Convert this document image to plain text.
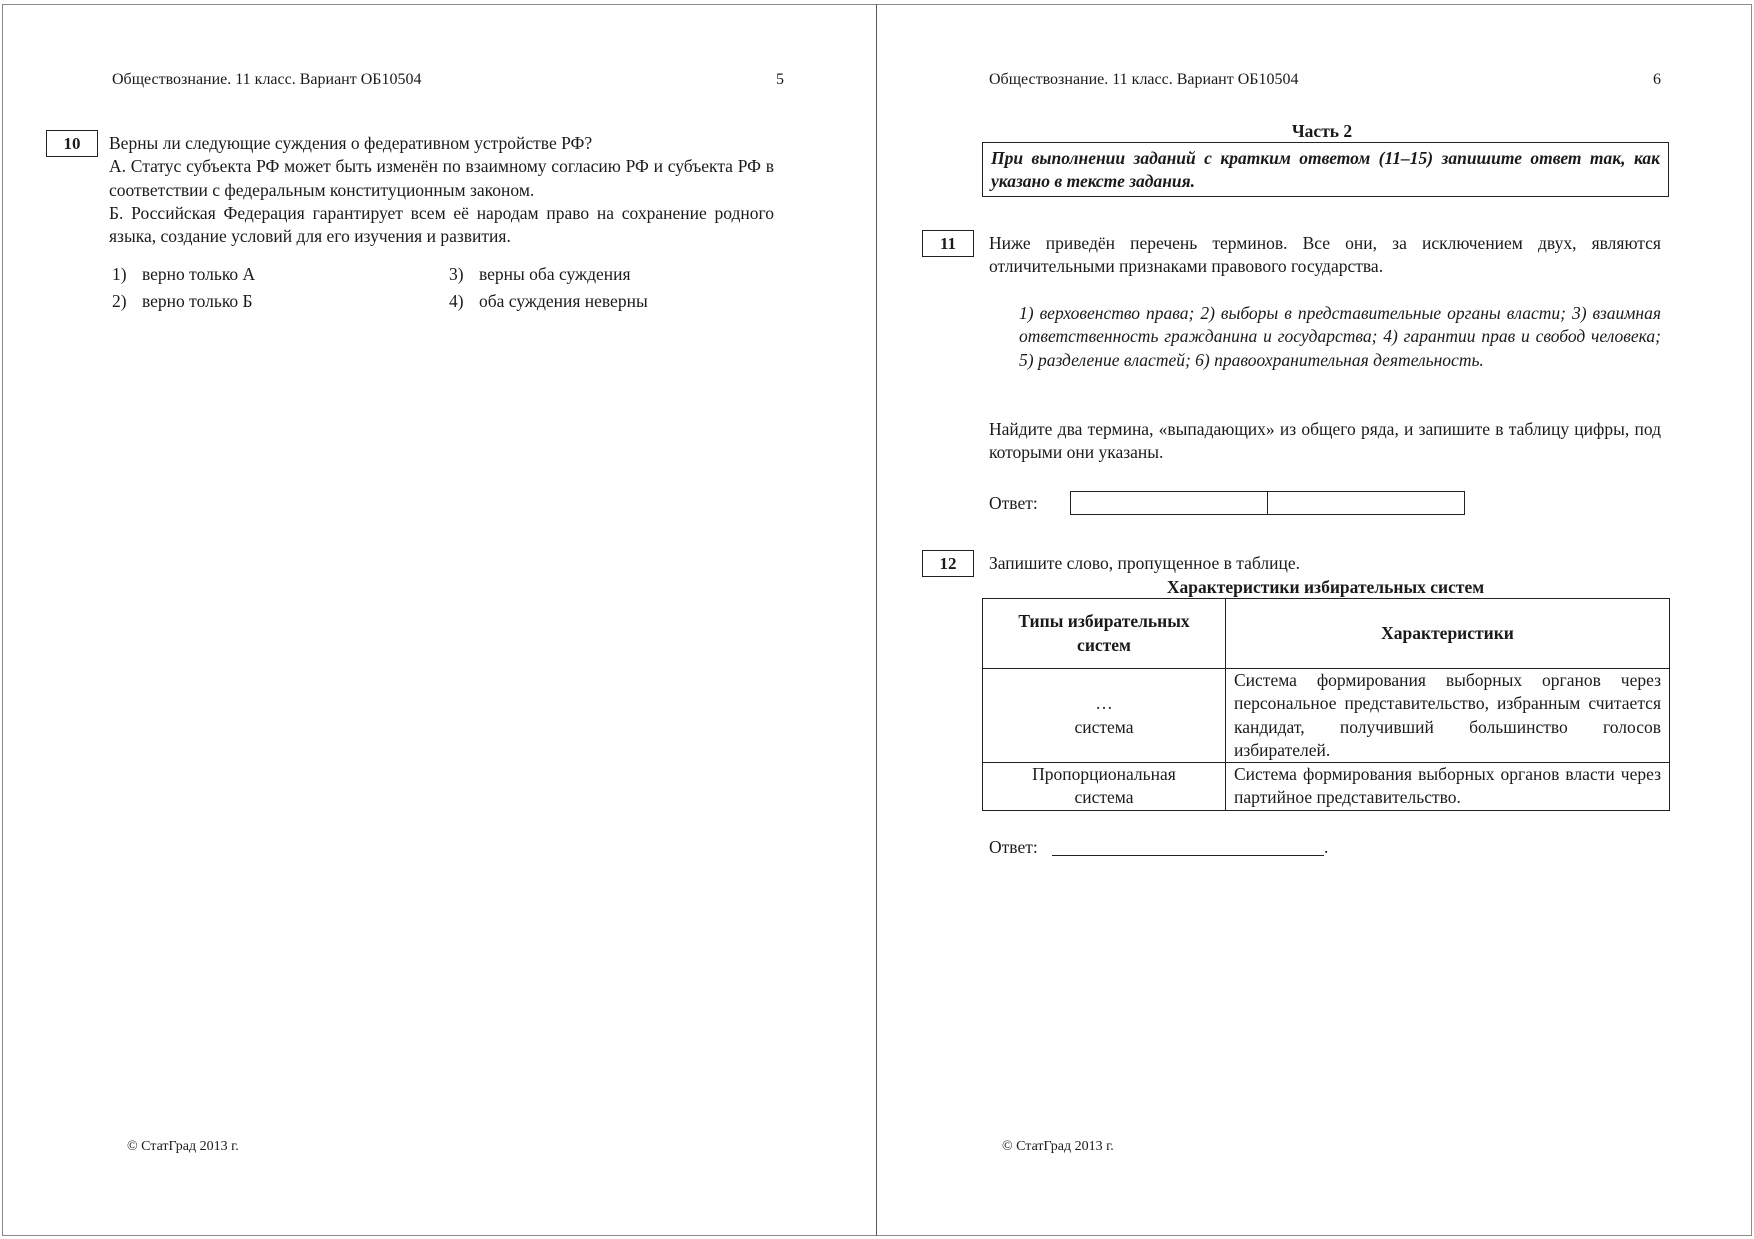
Обществознание. 11 класс. Вариант ОБ10504	5
10	Верны ли следующие суждения о федеративном устройстве РФ?
А. Статус субъекта РФ может быть изменён по взаимному согласию РФ и субъекта РФ в соответствии с федеральным конституционным законом.
Б. Российская Федерация гарантирует всем её народам право на сохранение родного языка, создание условий для его изучения и развития.
1) верно только А
2) верно только Б
3) верны оба суждения
4) оба суждения неверны
© СтатГрад 2013 г.
Обществознание. 11 класс. Вариант ОБ10504	6
Часть 2
При выполнении заданий с кратким ответом (11–15) запишите ответ так, как указано в тексте задания.
11	Ниже приведён перечень терминов. Все они, за исключением двух, являются отличительными признаками правового государства.
1) верховенство права; 2) выборы в представительные органы власти; 3) взаимная ответственность гражданина и государства; 4) гарантии прав и свобод человека; 5) разделение властей; 6) правоохранительная деятельность.
Найдите два термина, «выпадающих» из общего ряда, и запишите в таблицу цифры, под которыми они указаны.
Ответ:
12	Запишите слово, пропущенное в таблице.
Характеристики избирательных систем
Типы избирательных систем	Характеристики

…
система	Система формирования выборных органов через персональное представительство, избранным считается кандидат, получивший большинство голосов избирателей.

Пропорциональная
система	Система формирования выборных органов власти через партийное представительство.
Ответ:	.
© СтатГрад 2013 г.
